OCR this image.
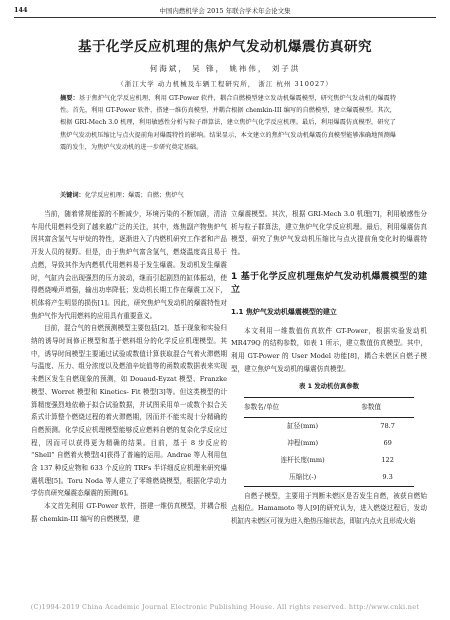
144	中国内燃机学会 2015 年联合学术年会论文集
基于化学反应机理的焦炉气发动机爆震仿真研究
何海斌， 吴 锋， 姚袆伟， 刘子洪
（浙江大学 动力机械及车辆工程研究所， 浙江 杭州 310027）
摘要：基于焦炉气化学反应机理，利用 GT-Power 软件，耦合自燃模型建立发动机爆震模型，研究焦炉气发动机的爆震特性。首先，利用 GT-Power 软件，搭建一维仿真模型，并耦合根据 chemkin-III 编写的自燃模型，建立爆震模型。其次，根据 GRI-Mech 3.0 机理，利用敏感性分析与粒子群算法，建立焦炉气化学反应机理。最后，利用爆震仿真模型，研究了焦炉气发动机压缩比与点火提前角对爆震特性的影响。结果显示，本文建立的焦炉气发动机爆震仿真模型能够准确地预测爆震的发生，为焦炉气发动机的进一步研究奠定基础。
关键词：化学反应机理；爆震；自燃；焦炉气

当前，随着常规能源的不断减少，环境污染的不断加剧，清洁车用代用燃料受到了越来越广泛的关注，其中，炼焦副产物焦炉气因其富含氢气与甲烷的特性，逐渐进入了内燃机研究工作者和产品开发人员的视野。但是，由于焦炉气富含氢气，燃烧温度高且易于点燃，导致其作为内燃机代用燃料易于发生爆震。发动机发生爆震时，气缸内会出现强烈的压力波动，继而引起剧烈的缸体振动，使得燃烧噪声增强，输出功率降低；发动机长期工作在爆震工况下，机体将产生明显的损伤[1]。因此，研究焦炉气发动机的爆震特性对焦炉气作为代用燃料的应用具有重要意义。

目前，混合气的自燃预测模型主要包括[2]，基于现象和实验归纳的诱导时间修正模型和基于燃料组分的化学反应机理模型。其中，诱导时间模型主要通过试验或数值计算获取混合气着火滞燃期与温度、压力、组分浓度以及燃油辛烷值等的函数或数据表来实现未燃区发生自燃现象的预测，如 Douaud-Eyzat 模型、Franzke 模型、Worret 模型和 Kinetics- Fit 模型[3]等。但这类模型的计算精度强烈地依赖于拟合试验数据，并试图采用单一或数个拟合关系式计算整个燃烧过程的着火滞燃期，因而并不能实现十分精确的自燃预测。化学反应机理模型能够反应燃料自燃的复杂化学反应过程，因而可以获得更为精确的结果。目前，基于 8 步反应的 “Shell” 自燃着火模型[4]获得了普遍的运用。Andrae 等人利用包含 137 种反应物和 633 个反应的 TRFs 半详细反应机理来研究爆震机理[5]。Toru Noda 等人建立了零维燃烧模型，根据化学动力学仿真研究爆震态爆震的预测[6]。

本文首先利用 GT-Power 软件，搭建一维仿真模型，并耦合根据 chemkin-III 编写的自燃模型，建

立爆震模型。其次，根据 GRI-Mech 3.0 机理[7]，利用敏感性分析与粒子群算法，建立焦炉气化学反应机理。最后，利用爆震仿真模型，研究了焦炉气发动机压缩比与点火提前角变化时的爆震特性。

1 基于化学反应机理焦炉气发动机爆震模型的建立
1.1 焦炉气发动机爆震模型的建立

本文利用一维数值仿真软件 GT-Power，根据实验发动机 MR479Q 的结构参数，如表 1 所示，建立数值仿真模型。其中，利用 GT-Power 的 User Model 功能[8]，耦合未燃区自燃子模型，建立焦炉气发动机的爆震仿真模型。

表 1 发动机仿真参数
参数名/单位	参数值
缸径(mm)	78.7
冲程(mm)	69
连杆长度(mm)	122
压缩比(-)	9.3

自燃子模型，主要用于判断未燃区是否发生自燃，被获自燃始点相位。Hamamoto 等人[9]的研究认为，进入燃烧过程后，发动机缸内未燃区可视为进入绝热压缩状态，即缸内点火且形成火焰

(C)1994-2019 China Academic Journal Electronic Publishing House. All rights reserved. http://www.cnki.net
